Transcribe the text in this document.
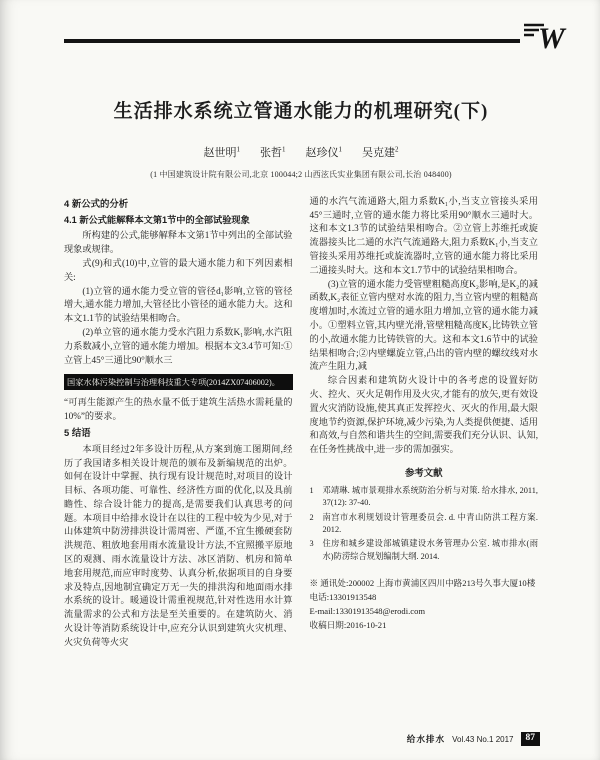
W
生活排水系统立管通水能力的机理研究(下)
赵世明$^1$ 张哲$^1$ 赵珍仪$^1$ 吴克建$^2$
(1 中国建筑设计院有限公司,北京 100044;2 山西泫氏实业集团有限公司,长治 048400)
4 新公式的分析
4.1 新公式能解释本文第1节中的全部试验现象

所构建的公式,能够解释本文第1节中列出的全部试验现象或规律。

式(9)和式(10)中,立管的最大通水能力和下列因素相关:

(1)立管的通水能力受立管的管径d₁影响,立管的管径增大,通水能力增加,大管径比小管径的通水能力大。这和本文1.1节的试验结果相吻合。

(2)单立管的通水能力受水汽阻力系数K₁影响,水汽阻力系数减小,立管的通水能力增加。根据本文3.4节可知:①立管上45°三通比90°顺水三

国家水体污染控制与治理科技重大专项(2014ZX07406002)。

“可再生能源产生的热水量不低于建筑生活热水需耗量的10%”的要求。

5 结语

本项目经过2年多设计历程,从方案到施工图期间,经历了我国诸多相关设计规范的颁布及新编规范的出炉。如何在设计中掌握、执行现有设计规范时,对项目的设计目标、各项功能、可靠性、经济性方面的优化,以及具前瞻性、综合设计能力的提高,是需要我们认真思考的问题。本项目中给排水设计在以往的工程中较为少见,对于山体建筑中防涝排洪设计需周密、严谨,不宜生搬硬套防洪规范、粗放地套用雨水流量设计方法,不宜照搬平原地区的观测、雨水流量设计方法、冰区消防、机房和简单地套用规范,而应审时度势、认真分析,依据项目的自身要求及特点,因地制宜确定万无一失的排洪沟和地面雨水排水系统的设计。暖通设计需重视规范,针对性选用水计算流量需求的公式和方法是至关重要的。在建筑防火、消火设计等消防系统设计中,应充分认识到建筑火灾机理、火灾负荷等火灾

通的水汽气流通路大,阻力系数K₁小,当支立管接头采用45°三通时,立管的通水能力将比采用90°顺水三通时大。这和本文1.3节的试验结果相吻合。②立管上苏维托或旋流器接头比二通的水汽气流通路大,阻力系数K₁小,当支立管接头采用苏维托或旋流器时,立管的通水能力将比采用二通接头时大。这和本文1.7节中的试验结果相吻合。

(3)立管的通水能力受管壁粗糙高度K₂影响,是K₂的减函数,K₂表征立管内壁对水流的阻力,当立管内壁的粗糙高度增加时,水流过立管的通水阻力增加,立管的通水能力减小。①塑料立管,其内壁光滑,管壁粗糙高度K₂比铸铁立管的小,故通水能力比铸铁管的大。这和本文1.6节中的试验结果相吻合;②内壁螺旋立管,凸出的管内壁的螺纹线对水流产生阻力,减

综合因素和建筑防火设计中的各考虑的设置好防火、控火、灭火足朝作用及火灾,才能有的放矢,更有效设置火灾消防设施,使其真正发挥控火、灭火的作用,最大限度地节约资源,保护环境,减少污染,为人类提供便捷、适用和高效,与自然和谐共生的空间,需要我们充分认识、认知,在任务性挑战中,进一步的需加强实。

参考文献
1	邓靖琳. 城市景观排水系统防治分析与对策. 给水排水, 2011, 37(12): 37-40.
2	南宫市水利规划设计管理委员会. d. 中青山防洪工程方案. 2012.
3	住房和城乡建设部城镇建设水务管理办公室. 城市排水(雨水)防涝综合规划编制大纲. 2014.

※ 通讯处:200002 上海市黄浦区四川中路213号久事大厦10楼

电话:13301913548

E-mail:13301913548@erodi.com

收稿日期:2016-10-21

给水排水 Vol.43 No.1 2017	87
